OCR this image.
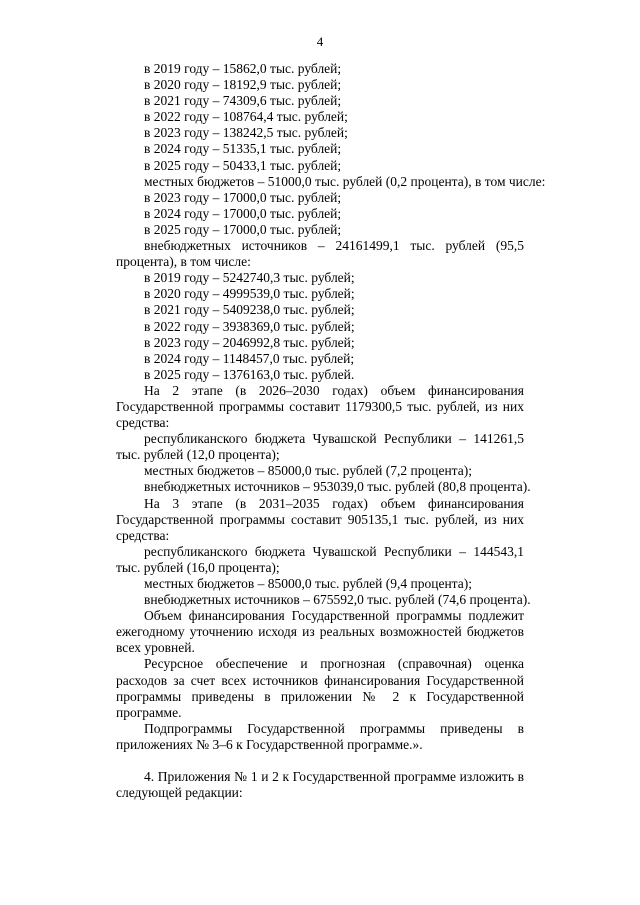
4

в 2019 году – 15862,0 тыс. рублей;

в 2020 году – 18192,9 тыс. рублей;

в 2021 году – 74309,6 тыс. рублей;

в 2022 году – 108764,4 тыс. рублей;

в 2023 году – 138242,5 тыс. рублей;

в 2024 году – 51335,1 тыс. рублей;

в 2025 году – 50433,1 тыс. рублей;

местных бюджетов – 51000,0 тыс. рублей (0,2 процента), в том числе:

в 2023 году – 17000,0 тыс. рублей;

в 2024 году – 17000,0 тыс. рублей;

в 2025 году – 17000,0 тыс. рублей;

внебюджетных источников – 24161499,1 тыс. рублей (95,5 процента), в том числе:

в 2019 году – 5242740,3 тыс. рублей;

в 2020 году – 4999539,0 тыс. рублей;

в 2021 году – 5409238,0 тыс. рублей;

в 2022 году – 3938369,0 тыс. рублей;

в 2023 году – 2046992,8 тыс. рублей;

в 2024 году – 1148457,0 тыс. рублей;

в 2025 году – 1376163,0 тыс. рублей.

На 2 этапе (в 2026–2030 годах) объем финансирования Государственной программы составит 1179300,5 тыс. рублей, из них средства:

республиканского бюджета Чувашской Республики – 141261,5 тыс. рублей (12,0 процента);

местных бюджетов – 85000,0 тыс. рублей (7,2 процента);

внебюджетных источников – 953039,0 тыс. рублей (80,8 процента).

На 3 этапе (в 2031–2035 годах) объем финансирования Государственной программы составит 905135,1 тыс. рублей, из них средства:

республиканского бюджета Чувашской Республики – 144543,1 тыс. рублей (16,0 процента);

местных бюджетов – 85000,0 тыс. рублей (9,4 процента);

внебюджетных источников – 675592,0 тыс. рублей (74,6 процента).

Объем финансирования Государственной программы подлежит ежегодному уточнению исходя из реальных возможностей бюджетов всех уровней.

Ресурсное обеспечение и прогнозная (справочная) оценка расходов за счет всех источников финансирования Государственной программы приведены в приложении № 2 к Государственной программе.

Подпрограммы Государственной программы приведены в приложениях № 3–6 к Государственной программе.».

4. Приложения № 1 и 2 к Государственной программе изложить в следующей редакции:
